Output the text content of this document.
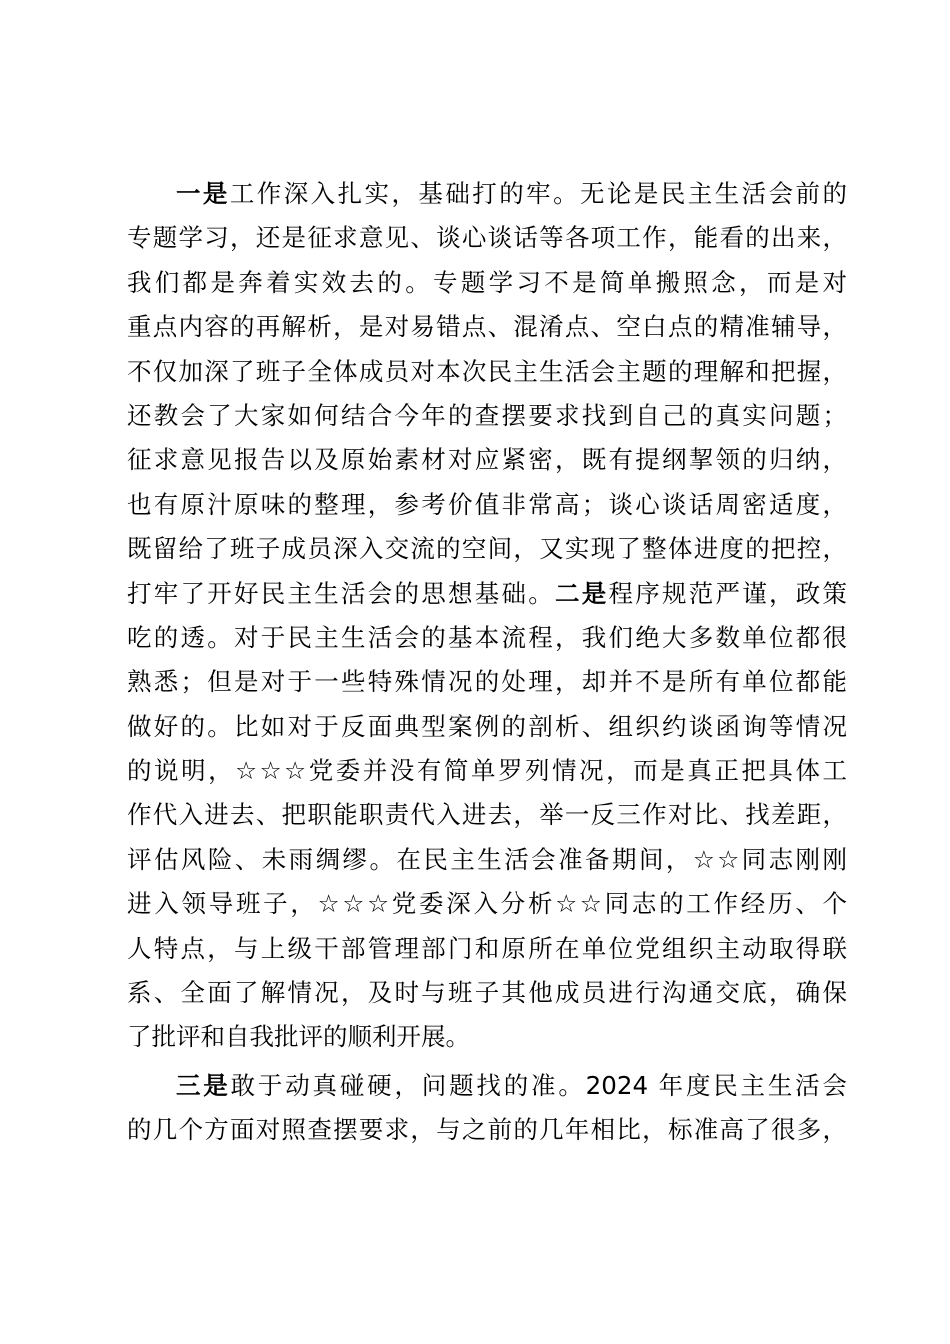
一是工作深入扎实，基础打的牢。无论是民主生活会前的
专题学习，还是征求意见、谈心谈话等各项工作，能看的出来，
我们都是奔着实效去的。专题学习不是简单搬照念，而是对
重点内容的再解析，是对易错点、混淆点、空白点的精准辅导，
不仅加深了班子全体成员对本次民主生活会主题的理解和把握，
还教会了大家如何结合今年的查摆要求找到自己的真实问题；
征求意见报告以及原始素材对应紧密，既有提纲挈领的归纳，
也有原汁原味的整理，参考价值非常高；谈心谈话周密适度，
既留给了班子成员深入交流的空间，又实现了整体进度的把控，
打牢了开好民主生活会的思想基础。二是程序规范严谨，政策
吃的透。对于民主生活会的基本流程，我们绝大多数单位都很
熟悉；但是对于一些特殊情况的处理，却并不是所有单位都能
做好的。比如对于反面典型案例的剖析、组织约谈函询等情况
的说明，☆☆☆党委并没有简单罗列情况，而是真正把具体工
作代入进去、把职能职责代入进去，举一反三作对比、找差距，
评估风险、未雨绸缪。在民主生活会准备期间，☆☆同志刚刚
进入领导班子，☆☆☆党委深入分析☆☆同志的工作经历、个
人特点，与上级干部管理部门和原所在单位党组织主动取得联
系、全面了解情况，及时与班子其他成员进行沟通交底，确保
了批评和自我批评的顺利开展。
三是敢于动真碰硬，问题找的准。2024 年度民主生活会
的几个方面对照查摆要求，与之前的几年相比，标准高了很多，
